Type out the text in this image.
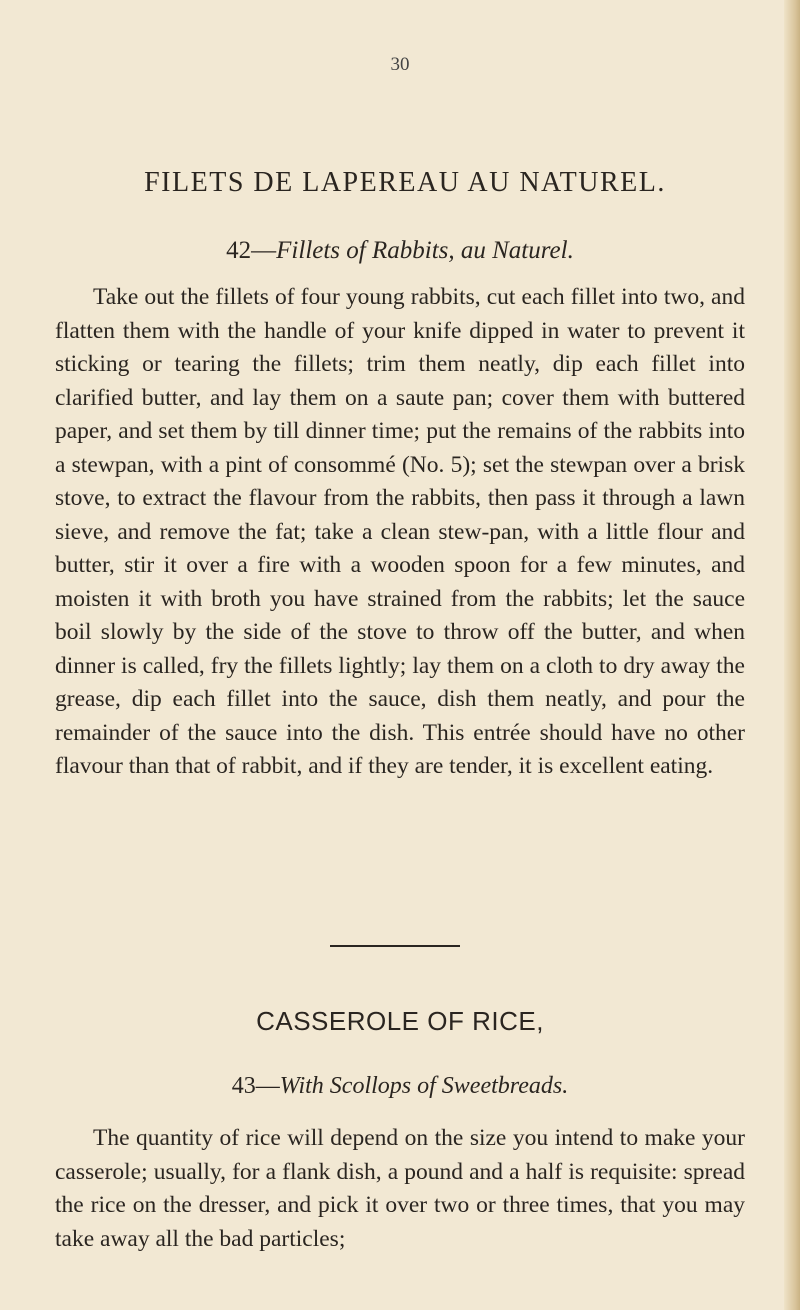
30
FILETS DE LAPEREAU AU NATUREL.
42—Fillets of Rabbits, au Naturel.

Take out the fillets of four young rabbits, cut each fillet into two, and flatten them with the handle of your knife dipped in water to prevent it sticking or tearing the fillets; trim them neatly, dip each fillet into clarified butter, and lay them on a saute pan; cover them with buttered paper, and set them by till dinner time; put the remains of the rabbits into a stewpan, with a pint of consommé (No. 5); set the stewpan over a brisk stove, to extract the flavour from the rabbits, then pass it through a lawn sieve, and remove the fat; take a clean stew-pan, with a little flour and butter, stir it over a fire with a wooden spoon for a few minutes, and moisten it with broth you have strained from the rabbits; let the sauce boil slowly by the side of the stove to throw off the butter, and when dinner is called, fry the fillets lightly; lay them on a cloth to dry away the grease, dip each fillet into the sauce, dish them neatly, and pour the remainder of the sauce into the dish. This entrée should have no other flavour than that of rabbit, and if they are tender, it is excellent eating.

CASSEROLE OF RICE,
43—With Scollops of Sweetbreads.

The quantity of rice will depend on the size you intend to make your casserole; usually, for a flank dish, a pound and a half is requisite: spread the rice on the dresser, and pick it over two or three times, that you may take away all the bad particles;
